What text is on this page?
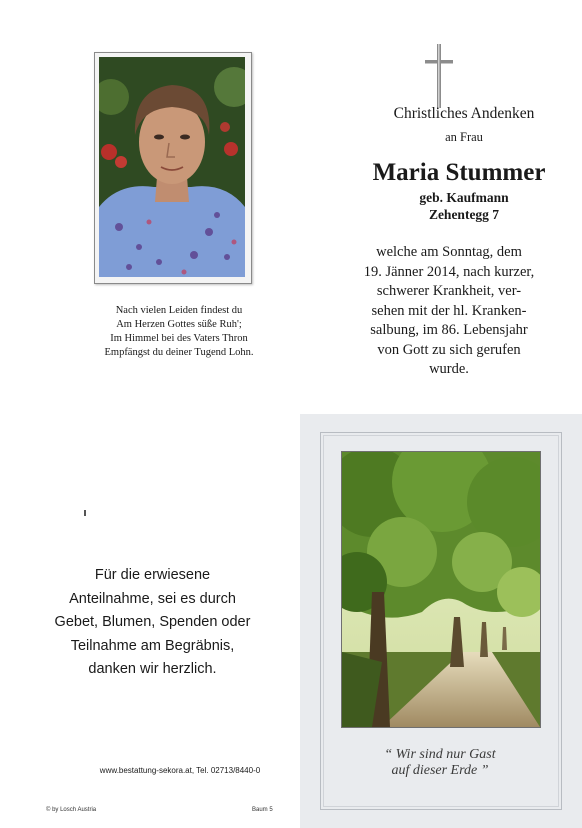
Nach vielen Leiden findest du
Am Herzen Gottes süße Ruh';
Im Himmel bei des Vaters Thron
Empfängst du deiner Tugend Lohn.
Christliches Andenken
an Frau
Maria Stummer
geb. Kaufmann
Zehentegg 7
welche am Sonntag, dem
19. Jänner 2014, nach kurzer,
schwerer Krankheit, ver-
sehen mit der hl. Kranken-
salbung, im 86. Lebensjahr
von Gott zu sich gerufen
wurde.
Für die erwiesene
Anteilnahme, sei es durch
Gebet, Blumen, Spenden oder
Teilnahme am Begräbnis,
danken wir herzlich.
www.bestattung-sekora.at, Tel. 02713/8440-0
© by Losch Austria	Baum 5
“ Wir sind nur Gast
auf dieser Erde ”
